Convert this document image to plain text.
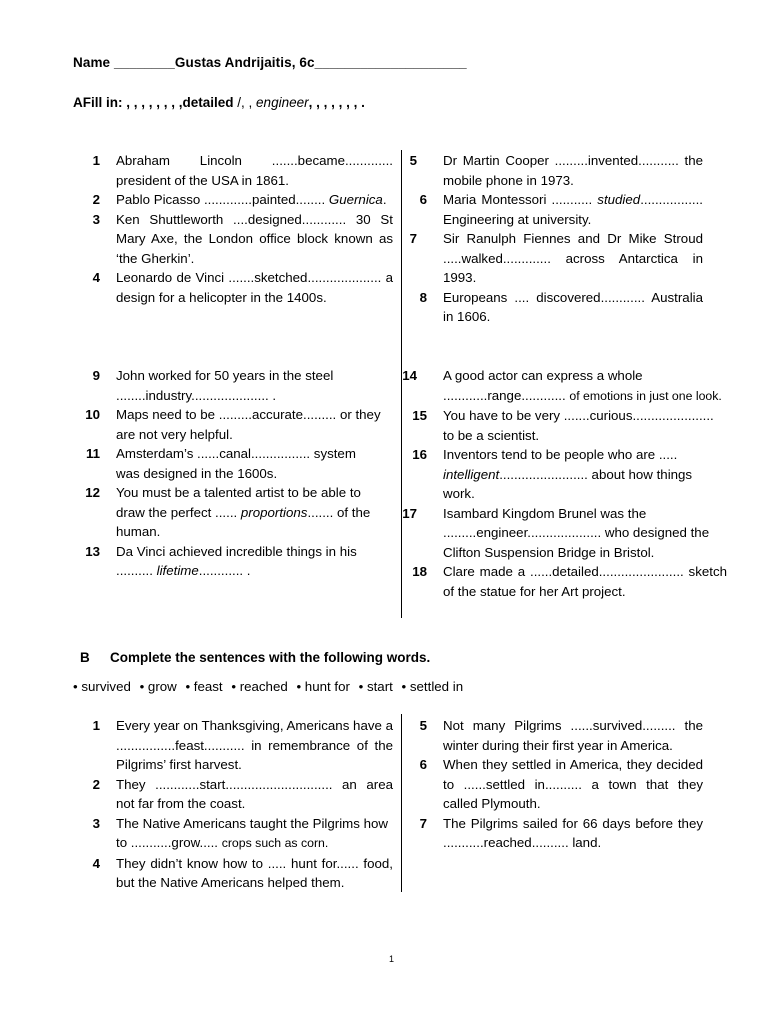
Name ________Gustas Andrijaitis, 6c____________________
AFill in: , , , , , , , ,detailed /, , engineer, , , , , , , .
1 Abraham Lincoln .......became............. president of the USA in 1861.
2 Pablo Picasso .............painted........ Guernica.
3 Ken Shuttleworth ....designed............ 30 St Mary Axe, the London office block known as ‘the Gherkin’.
4 Leonardo de Vinci .......sketched.................... a design for a helicopter in the 1400s.
5 Dr Martin Cooper .........invented........... the mobile phone in 1973.
6 Maria Montessori ........... studied................. Engineering at university.
7 Sir Ranulph Fiennes and Dr Mike Stroud .....walked............. across Antarctica in 1993.
8 Europeans .... discovered............ Australia in 1606.
9 John worked for 50 years in the steel ........industry..................... .
10 Maps need to be .........accurate......... or they are not very helpful.
11 Amsterdam’s ......canal................ system was designed in the 1600s.
12 You must be a talented artist to be able to draw the perfect ...... proportions....... of the human.
13 Da Vinci achieved incredible things in his .......... lifetime............ .
14 A good actor can express a whole ............range............ of emotions in just one look.
15 You have to be very .......curious...................... to be a scientist.
16 Inventors tend to be people who are ..... intelligent........................ about how things work.
17 Isambard Kingdom Brunel was the .........engineer.................... who designed the Clifton Suspension Bridge in Bristol.
18 Clare made a ......detailed....................... sketch of the statue for her Art project.
B Complete the sentences with the following words.
• survived • grow • feast • reached • hunt for • start • settled in
1 Every year on Thanksgiving, Americans have a ................feast........... in remembrance of the Pilgrims’ first harvest.
2 They ............start............................. an area not far from the coast.
3 The Native Americans taught the Pilgrims how to ...........grow..... crops such as corn.
4 They didn’t know how to ..... hunt for...... food, but the Native Americans helped them.
5 Not many Pilgrims ......survived......... the winter during their first year in America.
6 When they settled in America, they decided to ......settled in.......... a town that they called Plymouth.
7 The Pilgrims sailed for 66 days before they ...........reached.......... land.
1
